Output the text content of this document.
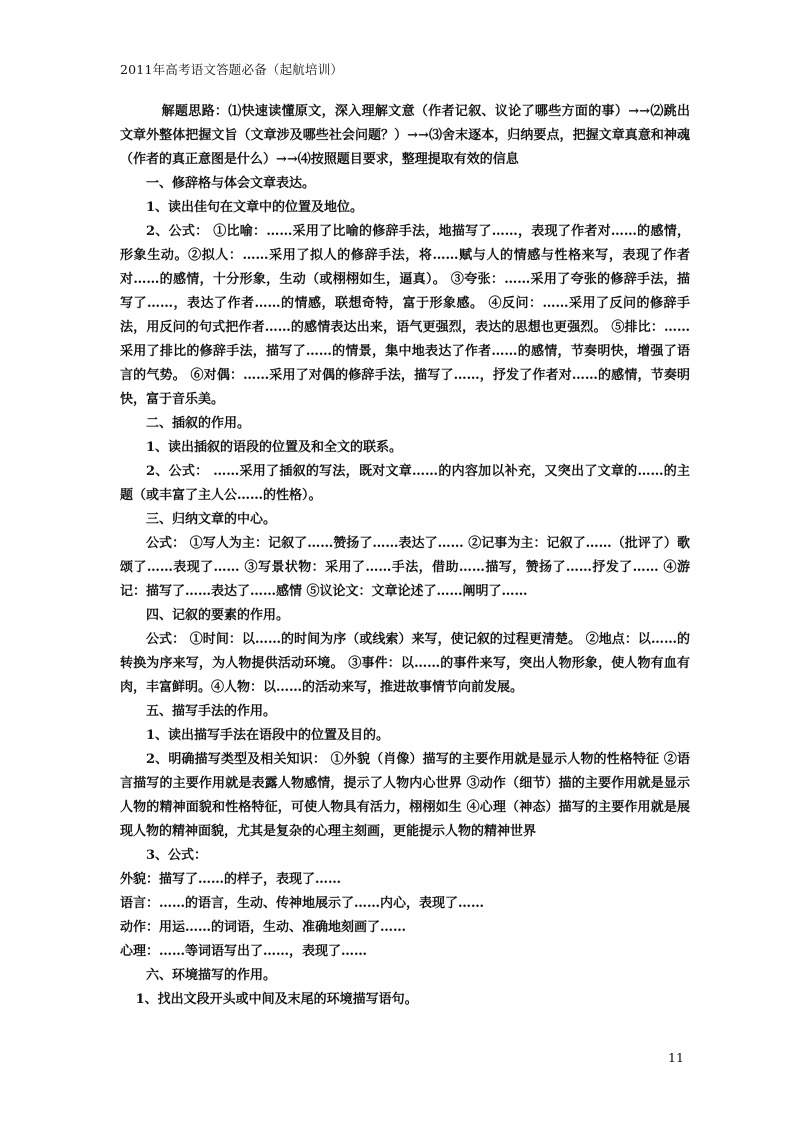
2011年高考语文答题必备（起航培训）

解题思路：⑴快速读懂原文，深入理解文意（作者记叙、议论了哪些方面的事）→→⑵跳出文章外整体把握文旨（文章涉及哪些社会问题？）→→⑶舍末逐本，归纳要点，把握文章真意和神魂（作者的真正意图是什么）→→⑷按照题目要求，整理提取有效的信息

一、修辞格与体会文章表达。

1、读出佳句在文章中的位置及地位。

2、公式： ①比喻：……采用了比喻的修辞手法，地描写了……，表现了作者对……的感情，形象生动。②拟人：……采用了拟人的修辞手法，将……赋与人的情感与性格来写，表现了作者对……的感情，十分形象，生动（或栩栩如生，逼真）。 ③夸张：……采用了夸张的修辞手法，描写了……，表达了作者……的情感，联想奇特，富于形象感。 ④反问：……采用了反问的修辞手法，用反问的句式把作者……的感情表达出来，语气更强烈，表达的思想也更强烈。 ⑤排比：……采用了排比的修辞手法，描写了……的情景，集中地表达了作者……的感情，节奏明快，增强了语言的气势。 ⑥对偶：……采用了对偶的修辞手法，描写了……，抒发了作者对……的感情，节奏明快，富于音乐美。

二、插叙的作用。

1、读出插叙的语段的位置及和全文的联系。

2、公式： ……采用了插叙的写法，既对文章……的内容加以补充，又突出了文章的……的主题（或丰富了主人公……的性格）。

三、归纳文章的中心。

公式： ①写人为主：记叙了……赞扬了……表达了…… ②记事为主：记叙了……（批评了）歌颂了……表现了…… ③写景状物：采用了……手法，借助……描写，赞扬了……抒发了…… ④游记：描写了……表达了……感情 ⑤议论文：文章论述了……阐明了……

四、记叙的要素的作用。

公式： ①时间：以……的时间为序（或线索）来写，使记叙的过程更清楚。 ②地点：以……的转换为序来写，为人物提供活动环境。 ③事件：以……的事件来写，突出人物形象，使人物有血有肉，丰富鲜明。④人物：以……的活动来写，推进故事情节向前发展。

五、描写手法的作用。

1、读出描写手法在语段中的位置及目的。

2、明确描写类型及相关知识： ①外貌（肖像）描写的主要作用就是显示人物的性格特征 ②语言描写的主要作用就是表露人物感情，提示了人物内心世界 ③动作（细节）描的主要作用就是显示人物的精神面貌和性格特征，可使人物具有活力，栩栩如生 ④心理（神态）描写的主要作用就是展现人物的精神面貌，尤其是复杂的心理主刻画，更能提示人物的精神世界

3、公式：

外貌：描写了……的样子，表现了……

语言：……的语言，生动、传神地展示了……内心，表现了……

动作：用运……的词语，生动、准确地刻画了……

心理：……等词语写出了……，表现了……

六、环境描写的作用。

1、找出文段开头或中间及末尾的环境描写语句。

11
